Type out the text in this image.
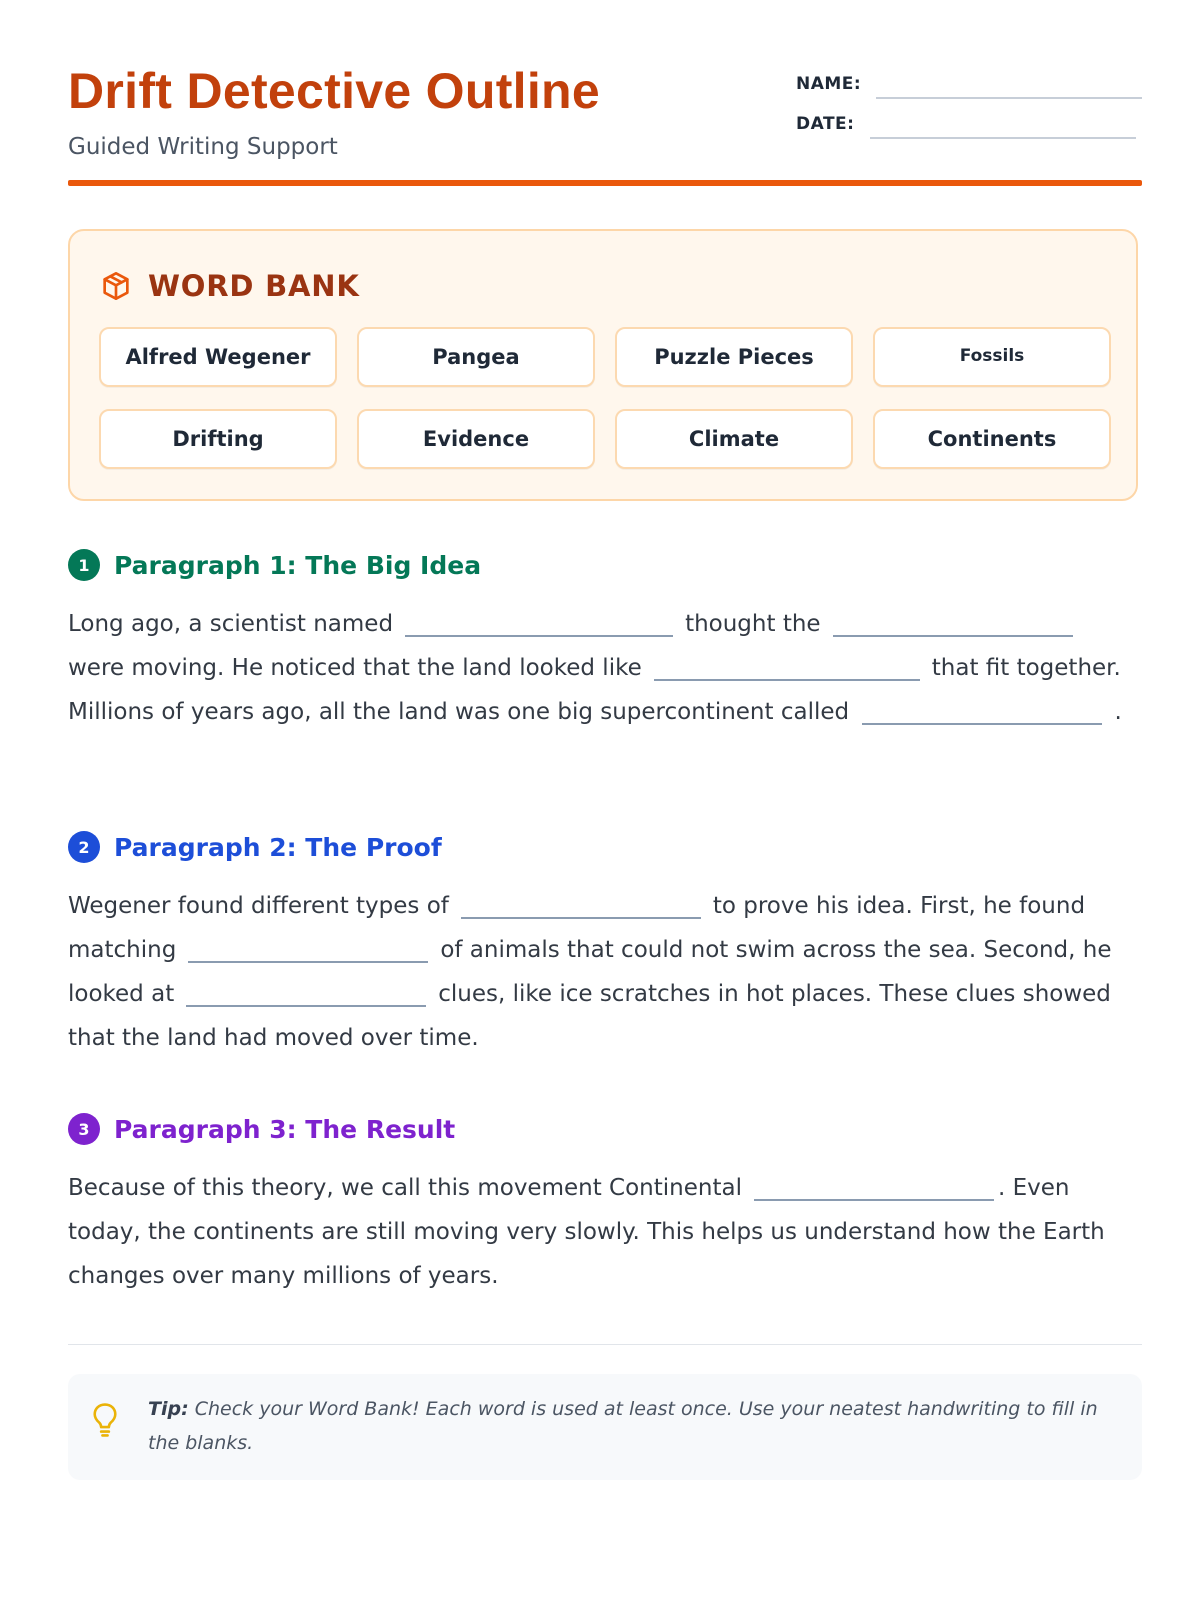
Drift Detective Outline
Guided Writing Support
NAME:
DATE:
WORD BANK
Alfred Wegener	Pangea	Puzzle Pieces	Fossils
Drifting	Evidence	Climate	Continents
1 Paragraph 1: The Big Idea
Long ago, a scientist named	thought the were moving. He noticed that the land looked like	that fit together. Millions of years ago, all the land was one big supercontinent called	.
2 Paragraph 2: The Proof
Wegener found different types of	to prove his idea. First, he found matching	of animals that could not swim across the sea. Second, he looked at	clues, like ice scratches in hot places. These clues showed that the land had moved over time.
3 Paragraph 3: The Result
Because of this theory, we call this movement Continental	. Even today, the continents are still moving very slowly. This helps us understand how the Earth changes over many millions of years.
Tip: Check your Word Bank! Each word is used at least once. Use your neatest handwriting to fill in the blanks.
